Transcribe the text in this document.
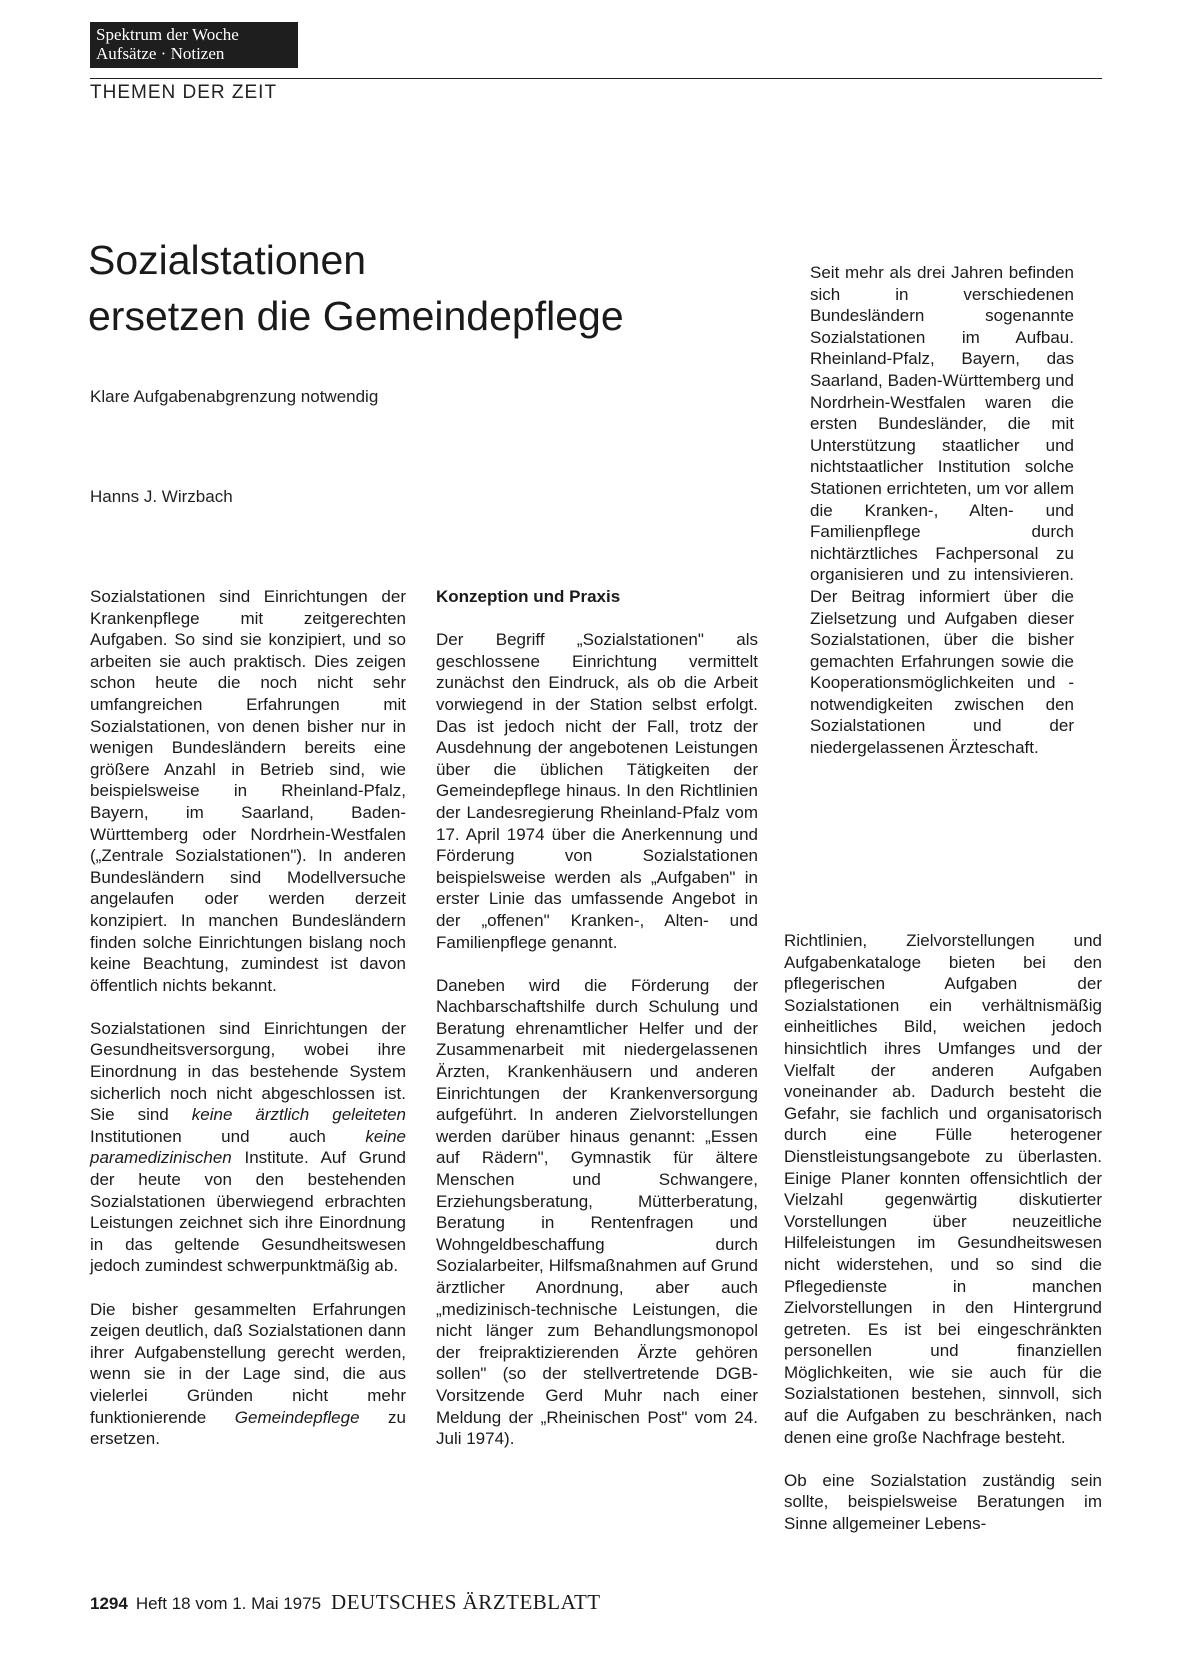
Spektrum der Woche
Aufsätze · Notizen
THEMEN DER ZEIT
Sozialstationen
ersetzen die Gemeindepflege
Klare Aufgabenabgrenzung notwendig
Hanns J. Wirzbach

Seit mehr als drei Jahren befinden sich in verschiedenen Bundesländern sogenannte Sozialstationen im Aufbau. Rheinland-Pfalz, Bayern, das Saarland, Baden-Württemberg und Nordrhein-Westfalen waren die ersten Bundesländer, die mit Unterstützung staatlicher und nichtstaatlicher Institution solche Stationen errichteten, um vor allem die Kranken-, Alten- und Familienpflege durch nichtärztliches Fachpersonal zu organisieren und zu intensivieren. Der Beitrag informiert über die Zielsetzung und Aufgaben dieser Sozialstationen, über die bisher gemachten Erfahrungen sowie die Kooperationsmöglichkeiten und -notwendigkeiten zwischen den Sozialstationen und der niedergelassenen Ärzteschaft.

Sozialstationen sind Einrichtungen der Krankenpflege mit zeitgerechten Aufgaben. So sind sie konzipiert, und so arbeiten sie auch praktisch. Dies zeigen schon heute die noch nicht sehr umfangreichen Erfahrungen mit Sozialstationen, von denen bisher nur in wenigen Bundesländern bereits eine größere Anzahl in Betrieb sind, wie beispielsweise in Rheinland-Pfalz, Bayern, im Saarland, Baden-Württemberg oder Nordrhein-Westfalen („Zentrale Sozialstationen"). In anderen Bundesländern sind Modellversuche angelaufen oder werden derzeit konzipiert. In manchen Bundesländern finden solche Einrichtungen bislang noch keine Beachtung, zumindest ist davon öffentlich nichts bekannt.

Sozialstationen sind Einrichtungen der Gesundheitsversorgung, wobei ihre Einordnung in das bestehende System sicherlich noch nicht abgeschlossen ist. Sie sind keine ärztlich geleiteten Institutionen und auch keine paramedizinischen Institute. Auf Grund der heute von den bestehenden Sozialstationen überwiegend erbrachten Leistungen zeichnet sich ihre Einordnung in das geltende Gesundheitswesen jedoch zumindest schwerpunktmäßig ab.

Die bisher gesammelten Erfahrungen zeigen deutlich, daß Sozialstationen dann ihrer Aufgabenstellung gerecht werden, wenn sie in der Lage sind, die aus vielerlei Gründen nicht mehr funktionierende Gemeindepflege zu ersetzen.

Konzeption und Praxis

Der Begriff „Sozialstationen" als geschlossene Einrichtung vermittelt zunächst den Eindruck, als ob die Arbeit vorwiegend in der Station selbst erfolgt. Das ist jedoch nicht der Fall, trotz der Ausdehnung der angebotenen Leistungen über die üblichen Tätigkeiten der Gemeindepflege hinaus. In den Richtlinien der Landesregierung Rheinland-Pfalz vom 17. April 1974 über die Anerkennung und Förderung von Sozialstationen beispielsweise werden als „Aufgaben" in erster Linie das umfassende Angebot in der „offenen" Kranken-, Alten- und Familienpflege genannt.

Daneben wird die Förderung der Nachbarschaftshilfe durch Schulung und Beratung ehrenamtlicher Helfer und der Zusammenarbeit mit niedergelassenen Ärzten, Krankenhäusern und anderen Einrichtungen der Krankenversorgung aufgeführt. In anderen Zielvorstellungen werden darüber hinaus genannt: „Essen auf Rädern", Gymnastik für ältere Menschen und Schwangere, Erziehungsberatung, Mütterberatung, Beratung in Rentenfragen und Wohngeldbeschaffung durch Sozialarbeiter, Hilfsmaßnahmen auf Grund ärztlicher Anordnung, aber auch „medizinisch-technische Leistungen, die nicht länger zum Behandlungsmonopol der freipraktizierenden Ärzte gehören sollen" (so der stellvertretende DGB-Vorsitzende Gerd Muhr nach einer Meldung der „Rheinischen Post" vom 24. Juli 1974).

Richtlinien, Zielvorstellungen und Aufgabenkataloge bieten bei den pflegerischen Aufgaben der Sozialstationen ein verhältnismäßig einheitliches Bild, weichen jedoch hinsichtlich ihres Umfanges und der Vielfalt der anderen Aufgaben voneinander ab. Dadurch besteht die Gefahr, sie fachlich und organisatorisch durch eine Fülle heterogener Dienstleistungsangebote zu überlasten. Einige Planer konnten offensichtlich der Vielzahl gegenwärtig diskutierter Vorstellungen über neuzeitliche Hilfeleistungen im Gesundheitswesen nicht widerstehen, und so sind die Pflegedienste in manchen Zielvorstellungen in den Hintergrund getreten. Es ist bei eingeschränkten personellen und finanziellen Möglichkeiten, wie sie auch für die Sozialstationen bestehen, sinnvoll, sich auf die Aufgaben zu beschränken, nach denen eine große Nachfrage besteht.

Ob eine Sozialstation zuständig sein sollte, beispielsweise Beratungen im Sinne allgemeiner Lebens-

1294 Heft 18 vom 1. Mai 1975 DEUTSCHES ÄRZTEBLATT
